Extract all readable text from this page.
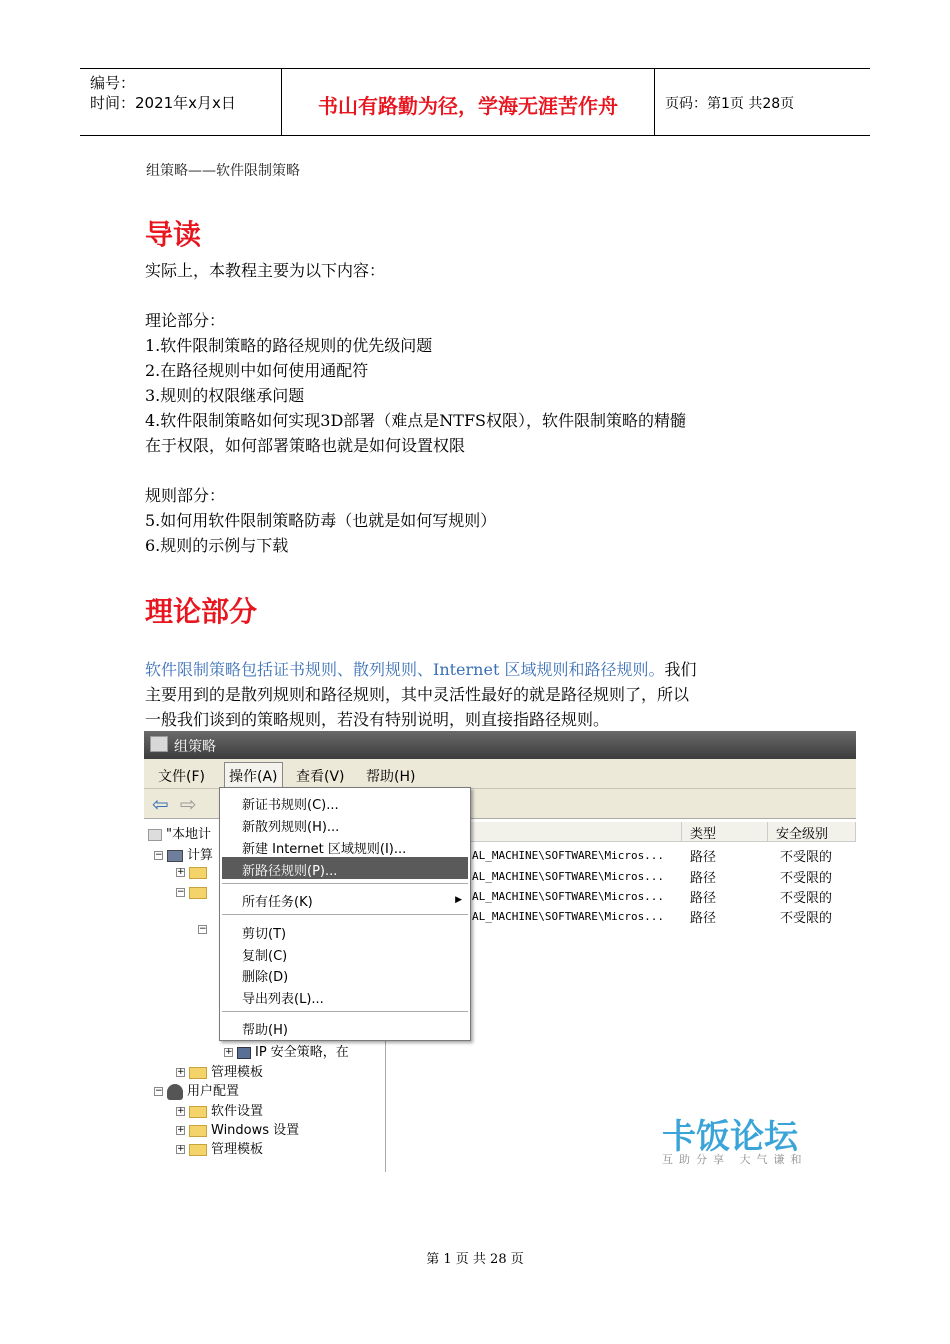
编号：
时间：2021年x月x日	书山有路勤为径，学海无涯苦作舟	页码：第1页 共28页
组策略——软件限制策略
导读
实际上，本教程主要为以下内容：
理论部分：
1.软件限制策略的路径规则的优先级问题
2.在路径规则中如何使用通配符
3.规则的权限继承问题
4.软件限制策略如何实现3D部署（难点是NTFS权限），软件限制策略的精髓
在于权限，如何部署策略也就是如何设置权限
规则部分：
5.如何用软件限制策略防毒（也就是如何写规则）
6.规则的示例与下载
理论部分
软件限制策略包括证书规则、散列规则、Internet 区域规则和路径规则。我们
主要用到的是散列规则和路径规则，其中灵活性最好的就是路径规则了，所以
一般我们谈到的策略规则，若没有特别说明，则直接指路径规则。
组策略
文件(F)	操作(A)	查看(V) 帮助(H)
⇦ ⇨
"本地计
− 计算
+
−
−
+ IP 安全策略，在
+ 管理模板
− 用户配置
+ 软件设置
+ Windows 设置
+ 管理模板
类型	安全级别
AL_MACHINE\SOFTWARE\Micros... 路径	不受限的
AL_MACHINE\SOFTWARE\Micros... 路径	不受限的
AL_MACHINE\SOFTWARE\Micros... 路径	不受限的
AL_MACHINE\SOFTWARE\Micros... 路径	不受限的
新证书规则(C)...
新散列规则(H)...
新建 Internet 区域规则(I)...
新路径规则(P)...
所有任务(K)	▶
剪切(T)
复制(C)
删除(D)
导出列表(L)...
帮助(H)
卡饭论坛
互助分享 大气谦和
第 1 页 共 28 页
